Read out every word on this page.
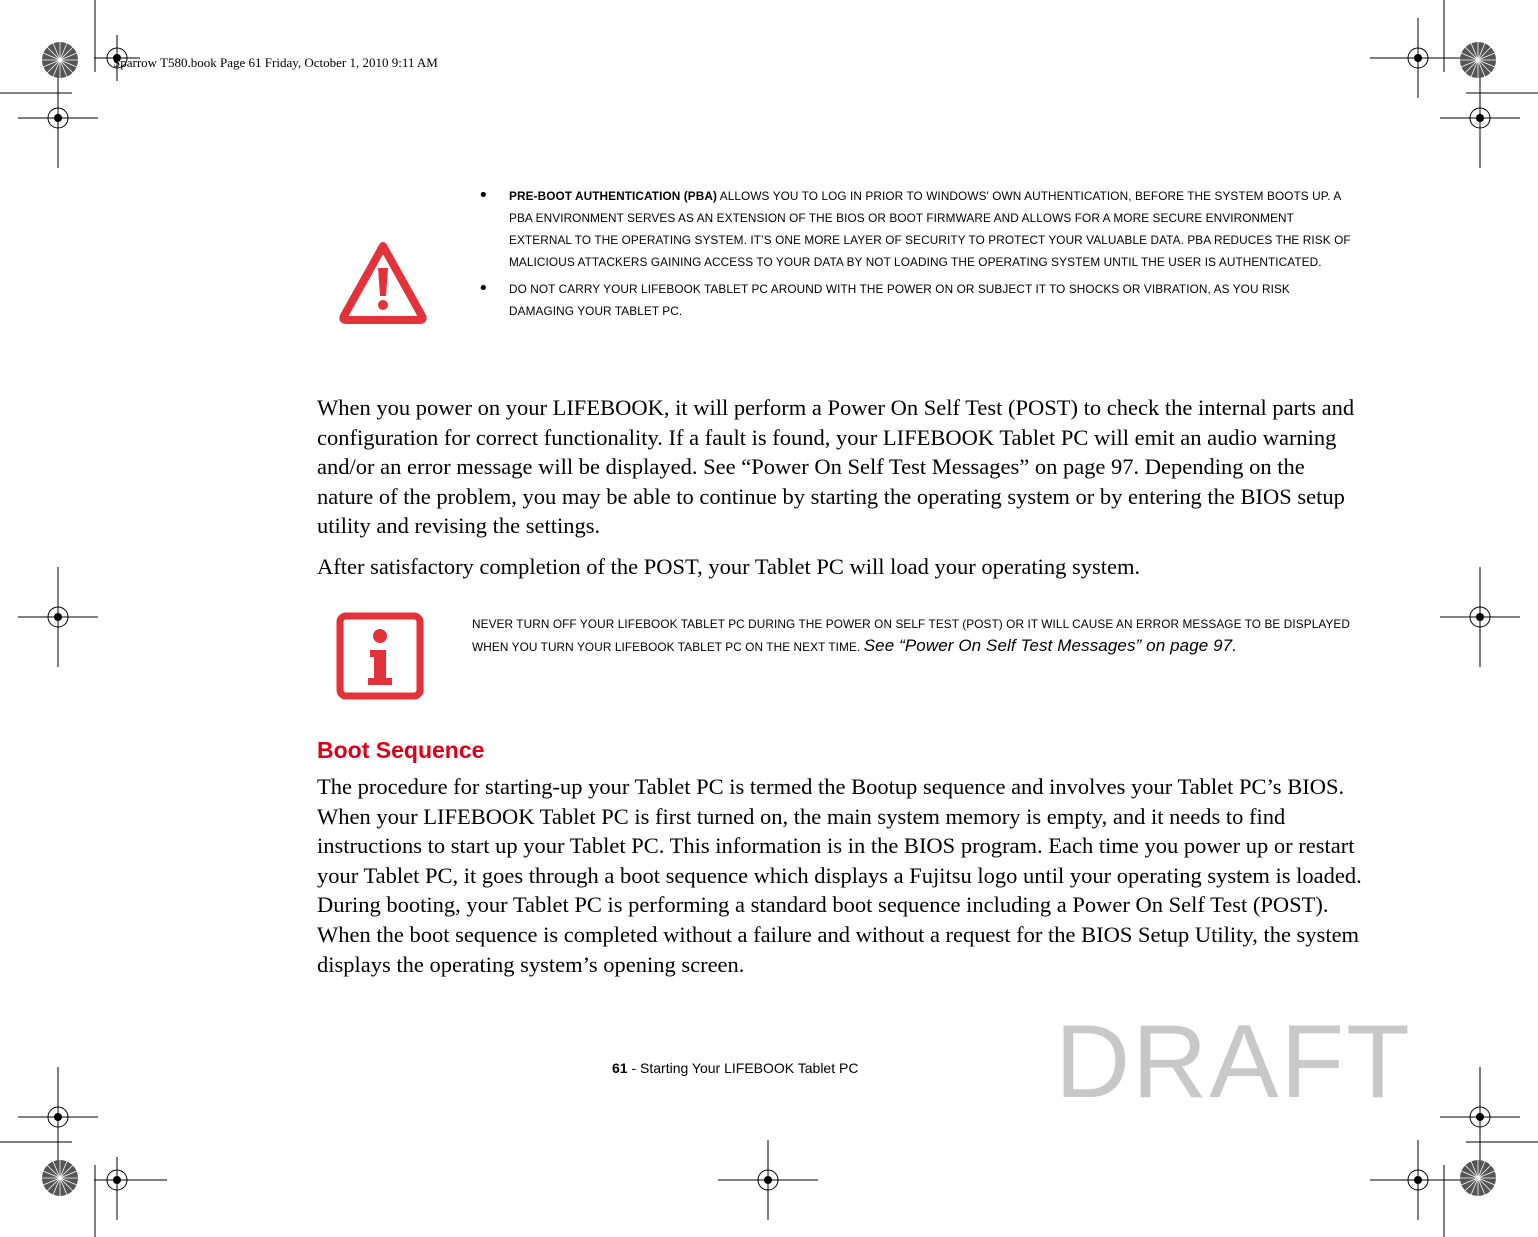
Sparrow T580.book Page 61 Friday, October 1, 2010 9:11 AM
• PRE-BOOT AUTHENTICATION (PBA) ALLOWS YOU TO LOG IN PRIOR TO WINDOWS' OWN AUTHENTICATION, BEFORE THE SYSTEM BOOTS UP. A PBA ENVIRONMENT SERVES AS AN EXTENSION OF THE BIOS OR BOOT FIRMWARE AND ALLOWS FOR A MORE SECURE ENVIRONMENT EXTERNAL TO THE OPERATING SYSTEM. IT’S ONE MORE LAYER OF SECURITY TO PROTECT YOUR VALUABLE DATA. PBA REDUCES THE RISK OF MALICIOUS ATTACKERS GAINING ACCESS TO YOUR DATA BY NOT LOADING THE OPERATING SYSTEM UNTIL THE USER IS AUTHENTICATED.
• DO NOT CARRY YOUR LIFEBOOK TABLET PC AROUND WITH THE POWER ON OR SUBJECT IT TO SHOCKS OR VIBRATION, AS YOU RISK DAMAGING YOUR TABLET PC.

When you power on your LIFEBOOK, it will perform a Power On Self Test (POST) to check the internal parts and configuration for correct functionality. If a fault is found, your LIFEBOOK Tablet PC will emit an audio warning and/or an error message will be displayed. See “Power On Self Test Messages” on page 97. Depending on the nature of the problem, you may be able to continue by starting the operating system or by entering the BIOS setup utility and revising the settings.

After satisfactory completion of the POST, your Tablet PC will load your operating system.

NEVER TURN OFF YOUR LIFEBOOK TABLET PC DURING THE POWER ON SELF TEST (POST) OR IT WILL CAUSE AN ERROR MESSAGE TO BE DISPLAYED WHEN YOU TURN YOUR LIFEBOOK TABLET PC ON THE NEXT TIME. See “Power On Self Test Messages” on page 97.
Boot Sequence

The procedure for starting-up your Tablet PC is termed the Bootup sequence and involves your Tablet PC’s BIOS. When your LIFEBOOK Tablet PC is first turned on, the main system memory is empty, and it needs to find instructions to start up your Tablet PC. This information is in the BIOS program. Each time you power up or restart your Tablet PC, it goes through a boot sequence which displays a Fujitsu logo until your operating system is loaded. During booting, your Tablet PC is performing a standard boot sequence including a Power On Self Test (POST). When the boot sequence is completed without a failure and without a request for the BIOS Setup Utility, the system displays the operating system’s opening screen.

61 - Starting Your LIFEBOOK Tablet PC DRAFT
